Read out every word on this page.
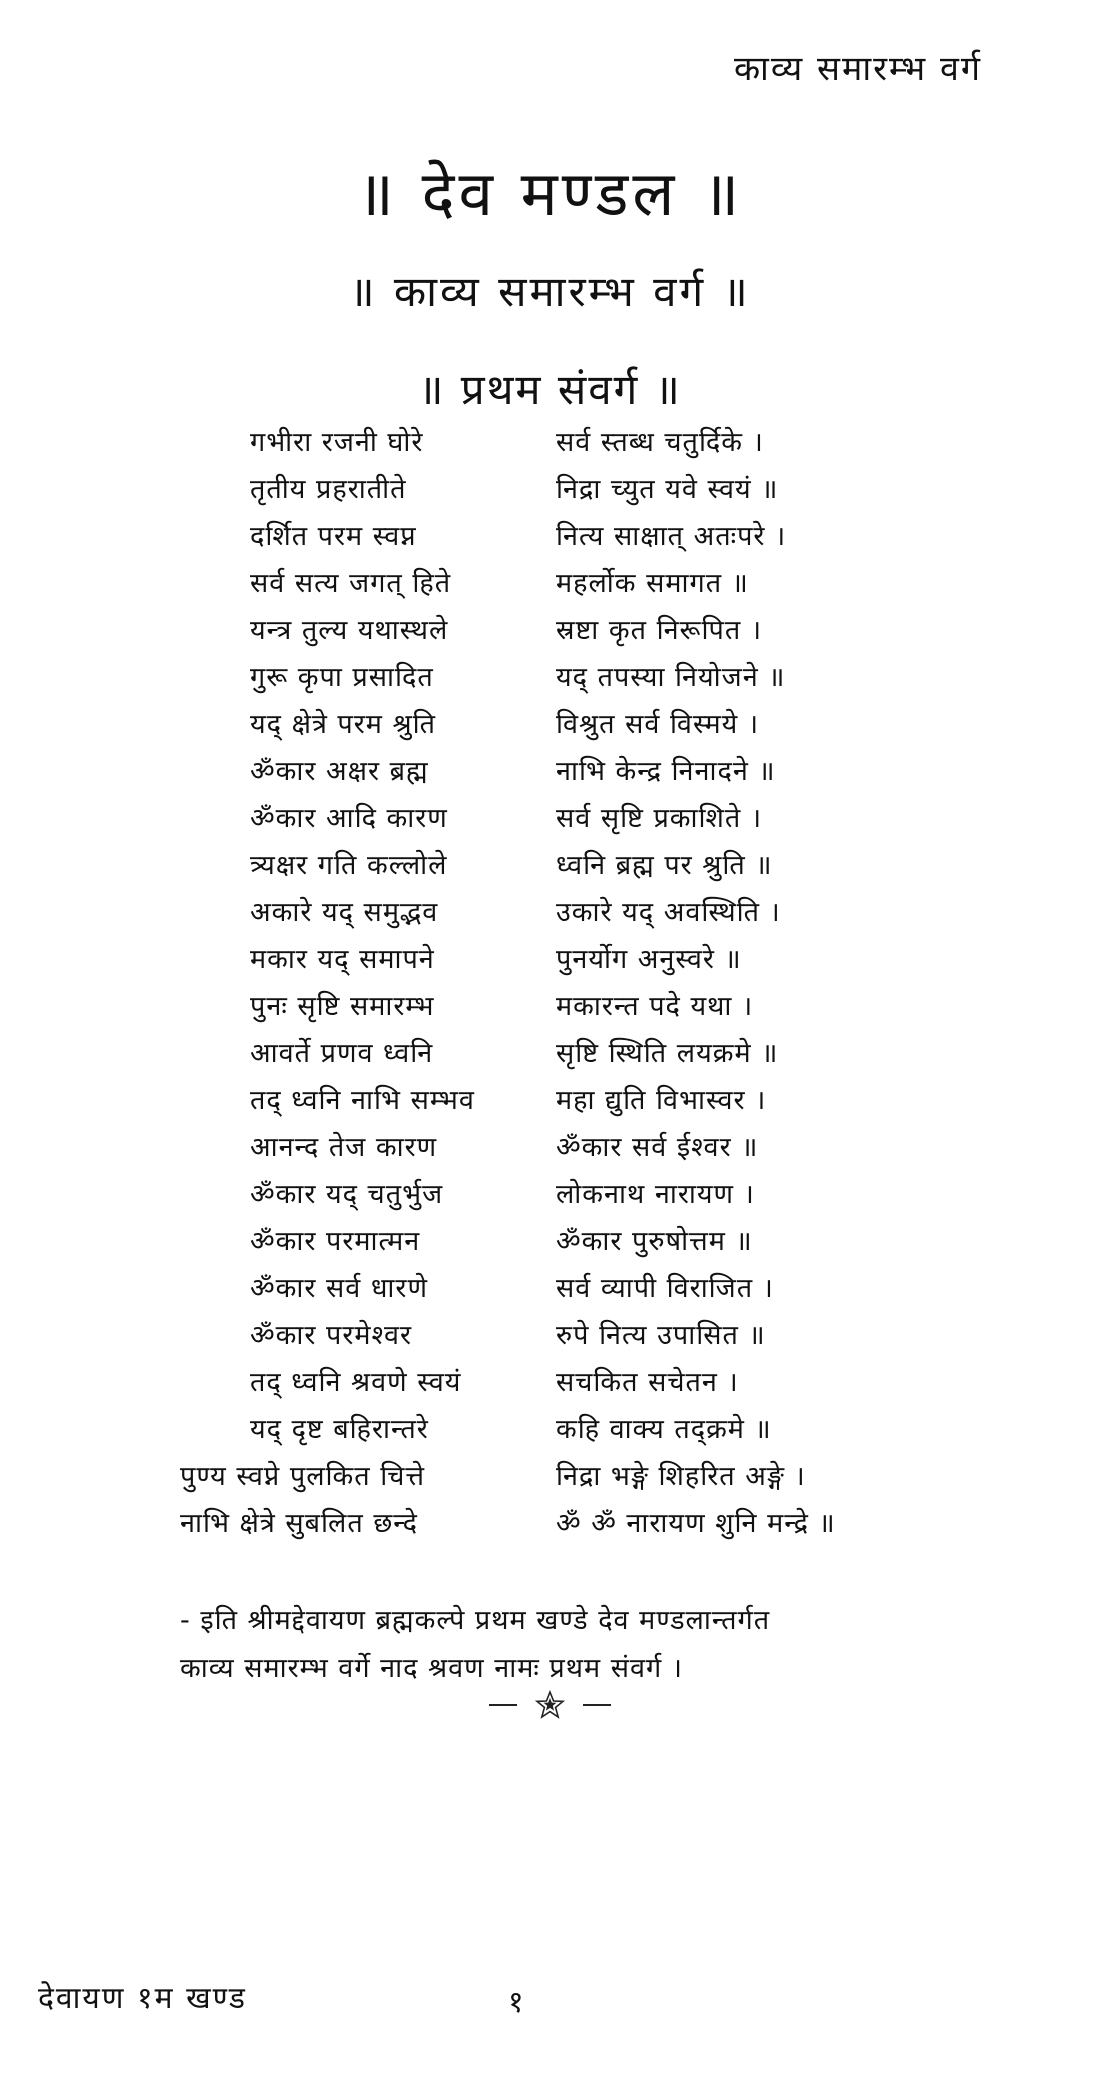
काव्य समारम्भ वर्ग
॥ देव मण्डल ॥
॥ काव्य समारम्भ वर्ग ॥
॥ प्रथम संवर्ग ॥
गभीरा रजनी घोरे	सर्व स्तब्ध चतुर्दिके ।
तृतीय प्रहरातीते	निद्रा च्युत यवे स्वयं ॥
दर्शित परम स्वप्न	नित्य साक्षात् अतःपरे ।
सर्व सत्य जगत् हिते	महर्लोक समागत ॥
यन्त्र तुल्य यथास्थले	स्रष्टा कृत निरूपित ।
गुरू कृपा प्रसादित	यद् तपस्या नियोजने ॥
यद् क्षेत्रे परम श्रुति	विश्रुत सर्व विस्मये ।
ॐकार अक्षर ब्रह्म	नाभि केन्द्र निनादने ॥
ॐकार आदि कारण	सर्व सृष्टि प्रकाशिते ।
त्र्यक्षर गति कल्लोले	ध्वनि ब्रह्म पर श्रुति ॥
अकारे यद् समुद्भव	उकारे यद् अवस्थिति ।
मकार यद् समापने	पुनर्योग अनुस्वरे ॥
पुनः सृष्टि समारम्भ	मकारन्त पदे यथा ।
आवर्ते प्रणव ध्वनि	सृष्टि स्थिति लयक्रमे ॥
तद् ध्वनि नाभि सम्भव	महा द्युति विभास्वर ।
आनन्द तेज कारण	ॐकार सर्व ईश्वर ॥
ॐकार यद् चतुर्भुज	लोकनाथ नारायण ।
ॐकार परमात्मन	ॐकार पुरुषोत्तम ॥
ॐकार सर्व धारणे	सर्व व्यापी विराजित ।
ॐकार परमेश्वर	रुपे नित्य उपासित ॥
तद् ध्वनि श्रवणे स्वयं	सचकित सचेतन ।
यद् दृष्ट बहिरान्तरे	कहि वाक्य तद्क्रमे ॥
पुण्य स्वप्ने पुलकित चित्ते	निद्रा भङ्गे शिहरित अङ्गे ।
नाभि क्षेत्रे सुबलित छन्दे	ॐ ॐ नारायण शुनि मन्द्रे ॥
- इति श्रीमद्देवायण ब्रह्मकल्पे प्रथम खण्डे देव मण्डलान्तर्गत
काव्य समारम्भ वर्गे नाद श्रवण नामः प्रथम संवर्ग ।
देवायण १म खण्ड	१
